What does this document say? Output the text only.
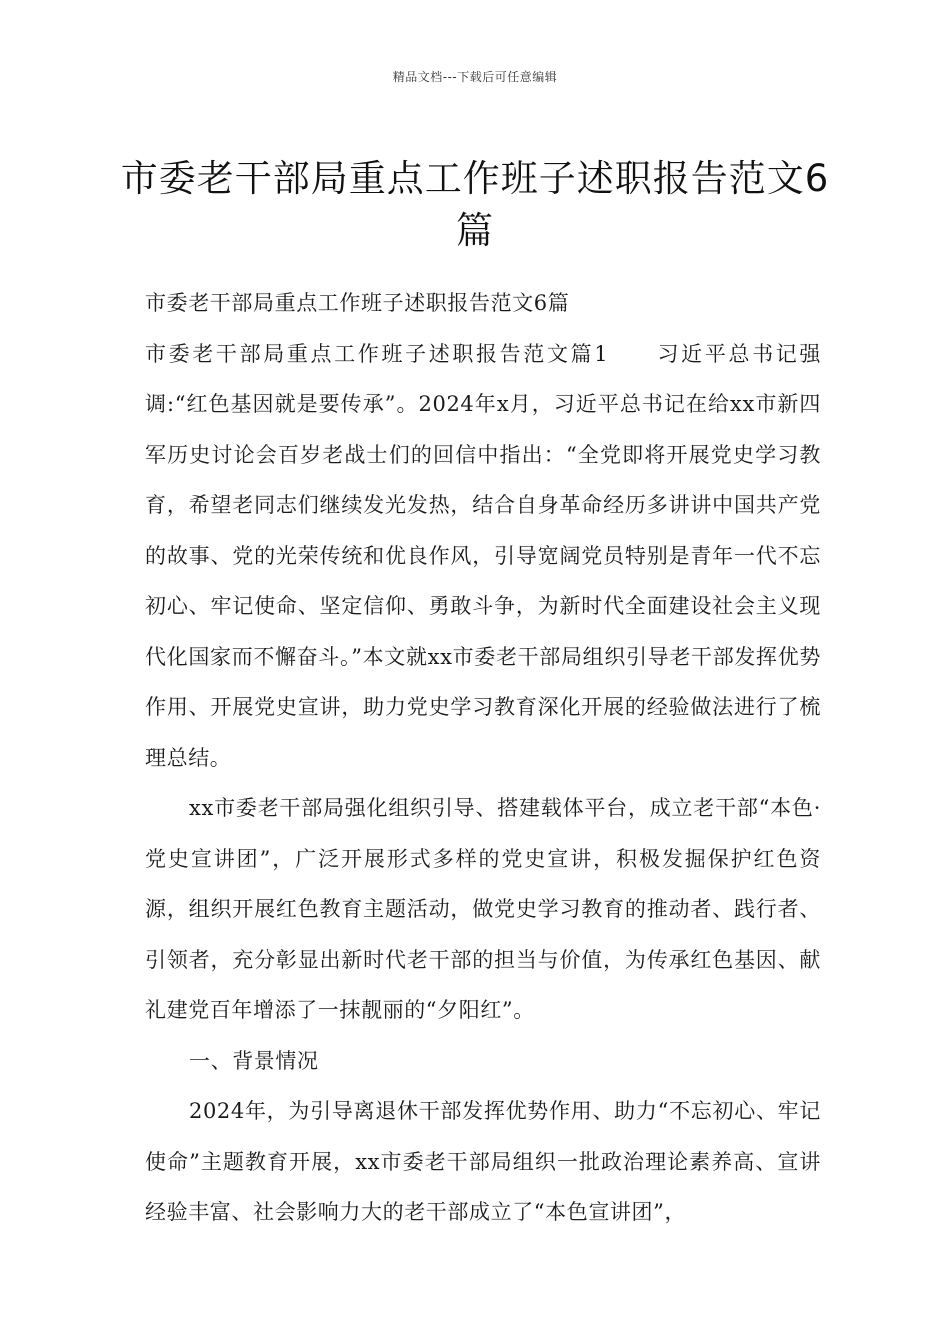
精品文档---下载后可任意编辑
市委老干部局重点工作班子述职报告范文6篇

市委老干部局重点工作班子述职报告范文6篇

市委老干部局重点工作班子述职报告范文篇1　　习近平总书记强调:“红色基因就是要传承”。2024年x月，习近平总书记在给xx市新四军历史讨论会百岁老战士们的回信中指出：“全党即将开展党史学习教育，希望老同志们继续发光发热，结合自身革命经历多讲讲中国共产党的故事、党的光荣传统和优良作风，引导宽阔党员特别是青年一代不忘初心、牢记使命、坚定信仰、勇敢斗争，为新时代全面建设社会主义现代化国家而不懈奋斗。”本文就xx市委老干部局组织引导老干部发挥优势作用、开展党史宣讲，助力党史学习教育深化开展的经验做法进行了梳理总结。

xx市委老干部局强化组织引导、搭建载体平台，成立老干部“本色·党史宣讲团”，广泛开展形式多样的党史宣讲，积极发掘保护红色资源，组织开展红色教育主题活动，做党史学习教育的推动者、践行者、引领者，充分彰显出新时代老干部的担当与价值，为传承红色基因、献礼建党百年增添了一抹靓丽的“夕阳红”。

一、背景情况

2024年，为引导离退休干部发挥优势作用、助力“不忘初心、牢记使命”主题教育开展，xx市委老干部局组织一批政治理论素养高、宣讲经验丰富、社会影响力大的老干部成立了“本色宣讲团”，
